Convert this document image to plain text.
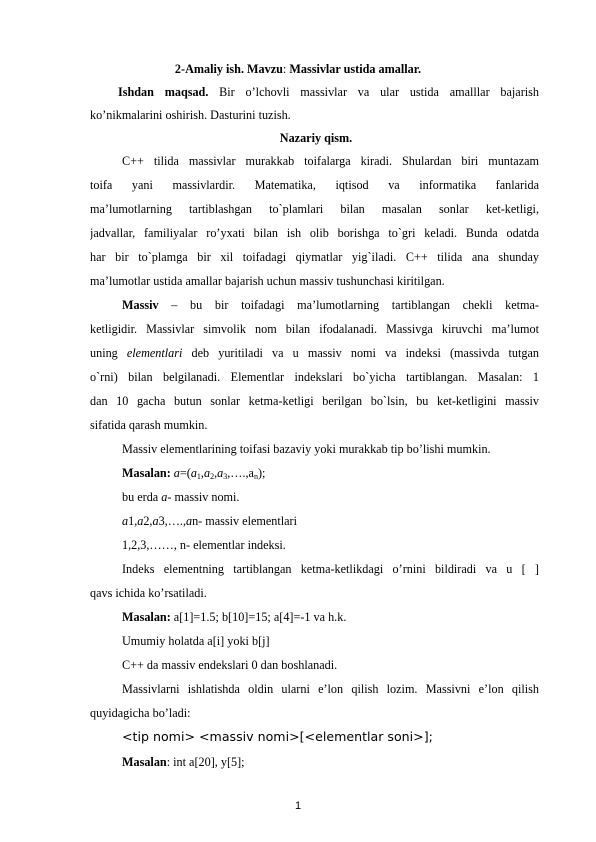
2-Amaliy ish. Mavzu: Massivlar ustida amallar.
Ishdan maqsad. Bir o’lchovli massivlar va ular ustida amalllar bajarish
ko’nikmalarini oshirish. Dasturini tuzish.
Nazariy qism.
C++ tilida massivlar murakkab toifalarga kiradi. Shulardan biri muntazam
toifa yani massivlardir. Matematika, iqtisod va informatika fanlarida
ma’lumotlarning tartiblashgan to`plamlari bilan masalan sonlar ket-ketligi,
jadvallar, familiyalar ro’yxati bilan ish olib borishga to`gri keladi. Bunda odatda
har bir to`plamga bir xil toifadagi qiymatlar yig`iladi. C++ tilida ana shunday
ma’lumotlar ustida amallar bajarish uchun massiv tushunchasi kiritilgan.
Massiv – bu bir toifadagi ma’lumotlarning tartiblangan chekli ketma-
ketligidir. Massivlar simvolik nom bilan ifodalanadi. Massivga kiruvchi ma’lumot
uning elementlari deb yuritiladi va u massiv nomi va indeksi (massivda tutgan
o`rni) bilan belgilanadi. Elementlar indekslari bo`yicha tartiblangan. Masalan: 1
dan 10 gacha butun sonlar ketma-ketligi berilgan bo`lsin, bu ket-ketligini massiv
sifatida qarash mumkin.
Massiv elementlarining toifasi bazaviy yoki murakkab tip bo’lishi mumkin.
Masalan: $a=(a_1,a_2,a_3,\dots.,a_n)$;
bu erda a- massiv nomi.
a1,a2,a3,….,an- massiv elementlari
1,2,3,……, n- elementlar indeksi.
Indeks elementning tartiblangan ketma-ketlikdagi o’rnini bildiradi va u [ ]
qavs ichida ko’rsatiladi.
Masalan: a[1]=1.5; b[10]=15; a[4]=-1 va h.k.
Umumiy holatda a[i] yoki b[j]
C++ da massiv endekslari 0 dan boshlanadi.
Massivlarni ishlatishda oldin ularni e’lon qilish lozim. Massivni e’lon qilish
quyidagicha bo’ladi:
<tip nomi> <massiv nomi>[<elementlar soni>];
Masalan: int a[20], y[5];
1
